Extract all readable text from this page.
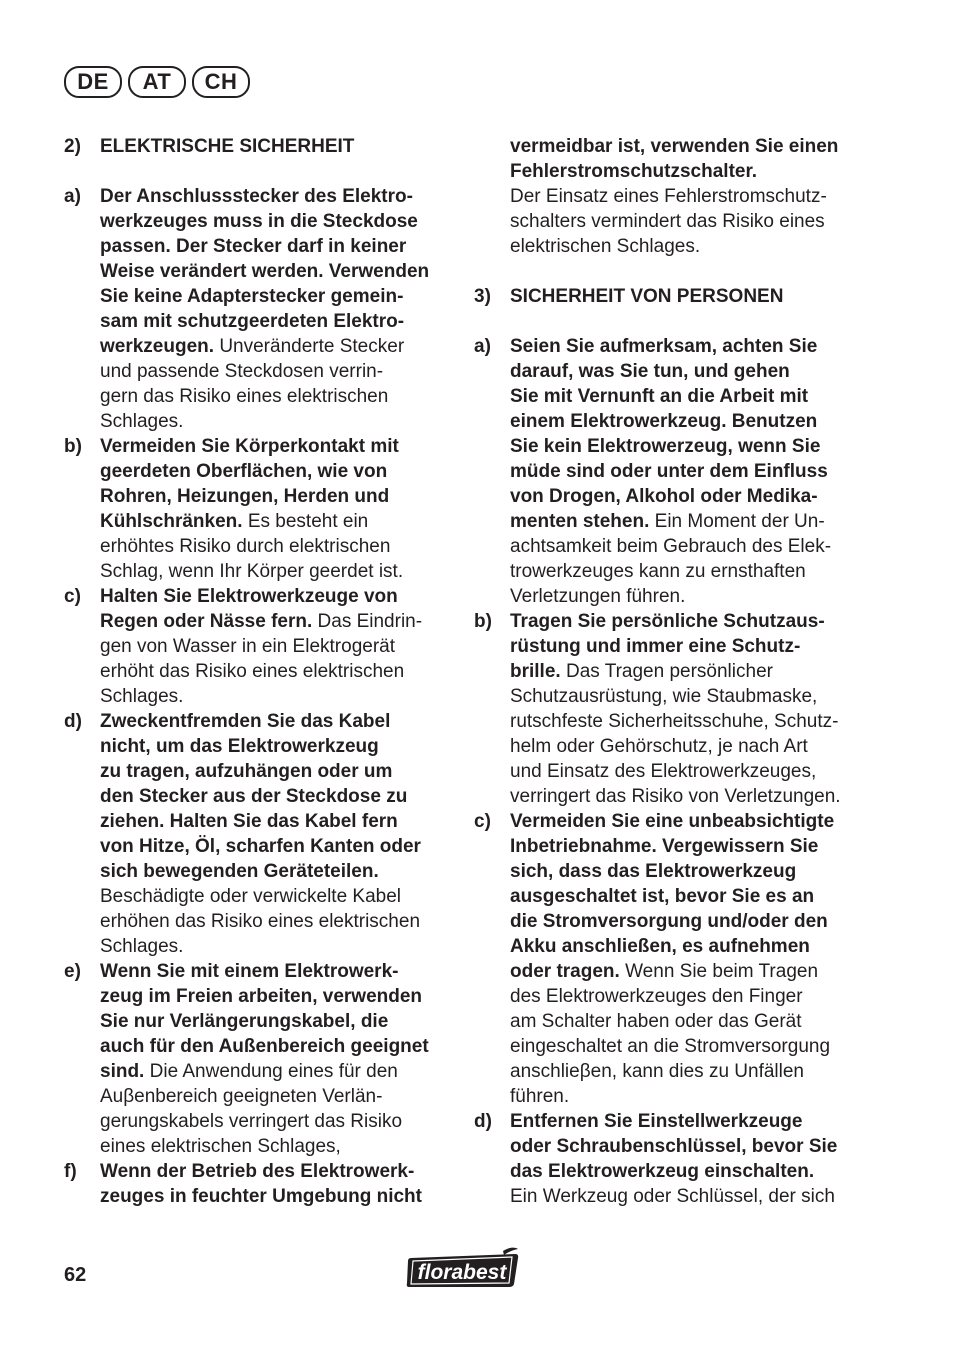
DE	AT	CH
2)	ELEKTRISCHE SICHERHEIT
a)	Der Anschlussstecker des Elektro-
werkzeuges muss in die Steckdose
passen. Der Stecker darf in keiner
Weise verändert werden. Verwenden
Sie keine Adapterstecker gemein-
sam mit schutzgeerdeten Elektro-
werkzeugen. Unveränderte Stecker
und passende Steckdosen verrin-
gern das Risiko eines elektrischen
Schlages.
b) Vermeiden Sie Körperkontakt mit
geerdeten Oberflächen, wie von
Rohren, Heizungen, Herden und
Kühlschränken. Es besteht ein
erhöhtes Risiko durch elektrischen
Schlag, wenn Ihr Körper geerdet ist.
c)	Halten Sie Elektrowerkzeuge von
Regen oder Nässe fern. Das Eindrin-
gen von Wasser in ein Elektrogerät
erhöht das Risiko eines elektrischen
Schlages.
d) Zweckentfremden Sie das Kabel
nicht, um das Elektrowerkzeug
zu tragen, aufzuhängen oder um
den Stecker aus der Steckdose zu
ziehen. Halten Sie das Kabel fern
von Hitze, Öl, scharfen Kanten oder
sich bewegenden Geräteteilen.
Beschädigte oder verwickelte Kabel
erhöhen das Risiko eines elektrischen
Schlages.
e)	Wenn Sie mit einem Elektrowerk-
zeug im Freien arbeiten, verwenden
Sie nur Verlängerungskabel, die
auch für den Außenbereich geeignet
sind. Die Anwendung eines für den
Auβenbereich geeigneten Verlän-
gerungskabels verringert das Risiko
eines elektrischen Schlages,
f)	Wenn der Betrieb des Elektrowerk-
zeuges in feuchter Umgebung nicht
vermeidbar ist, verwenden Sie einen
Fehlerstromschutzschalter.
Der Einsatz eines Fehlerstromschutz-
schalters vermindert das Risiko eines
elektrischen Schlages.
3)	SICHERHEIT VON PERSONEN
a)	Seien Sie aufmerksam, achten Sie
darauf, was Sie tun, und gehen
Sie mit Vernunft an die Arbeit mit
einem Elektrowerkzeug. Benutzen
Sie kein Elektrowerzeug, wenn Sie
müde sind oder unter dem Einfluss
von Drogen, Alkohol oder Medika-
menten stehen. Ein Moment der Un-
achtsamkeit beim Gebrauch des Elek-
trowerkzeuges kann zu ernsthaften
Verletzungen führen.
b) Tragen Sie persönliche Schutzaus-
rüstung und immer eine Schutz-
brille. Das Tragen persönlicher
Schutzausrüstung, wie Staubmaske,
rutschfeste Sicherheitsschuhe, Schutz-
helm oder Gehörschutz, je nach Art
und Einsatz des Elektrowerkzeuges,
verringert das Risiko von Verletzungen.
c)	Vermeiden Sie eine unbeabsichtigte
Inbetriebnahme. Vergewissern Sie
sich, dass das Elektrowerkzeug
ausgeschaltet ist, bevor Sie es an
die Stromversorgung und/oder den
Akku anschließen, es aufnehmen
oder tragen. Wenn Sie beim Tragen
des Elektrowerkzeuges den Finger
am Schalter haben oder das Gerät
eingeschaltet an die Stromversorgung
anschlieβen, kann dies zu Unfällen
führen.
d) Entfernen Sie Einstellwerkzeuge
oder Schraubenschlüssel, bevor Sie
das Elektrowerkzeug einschalten.
Ein Werkzeug oder Schlüssel, der sich
62	florabest
